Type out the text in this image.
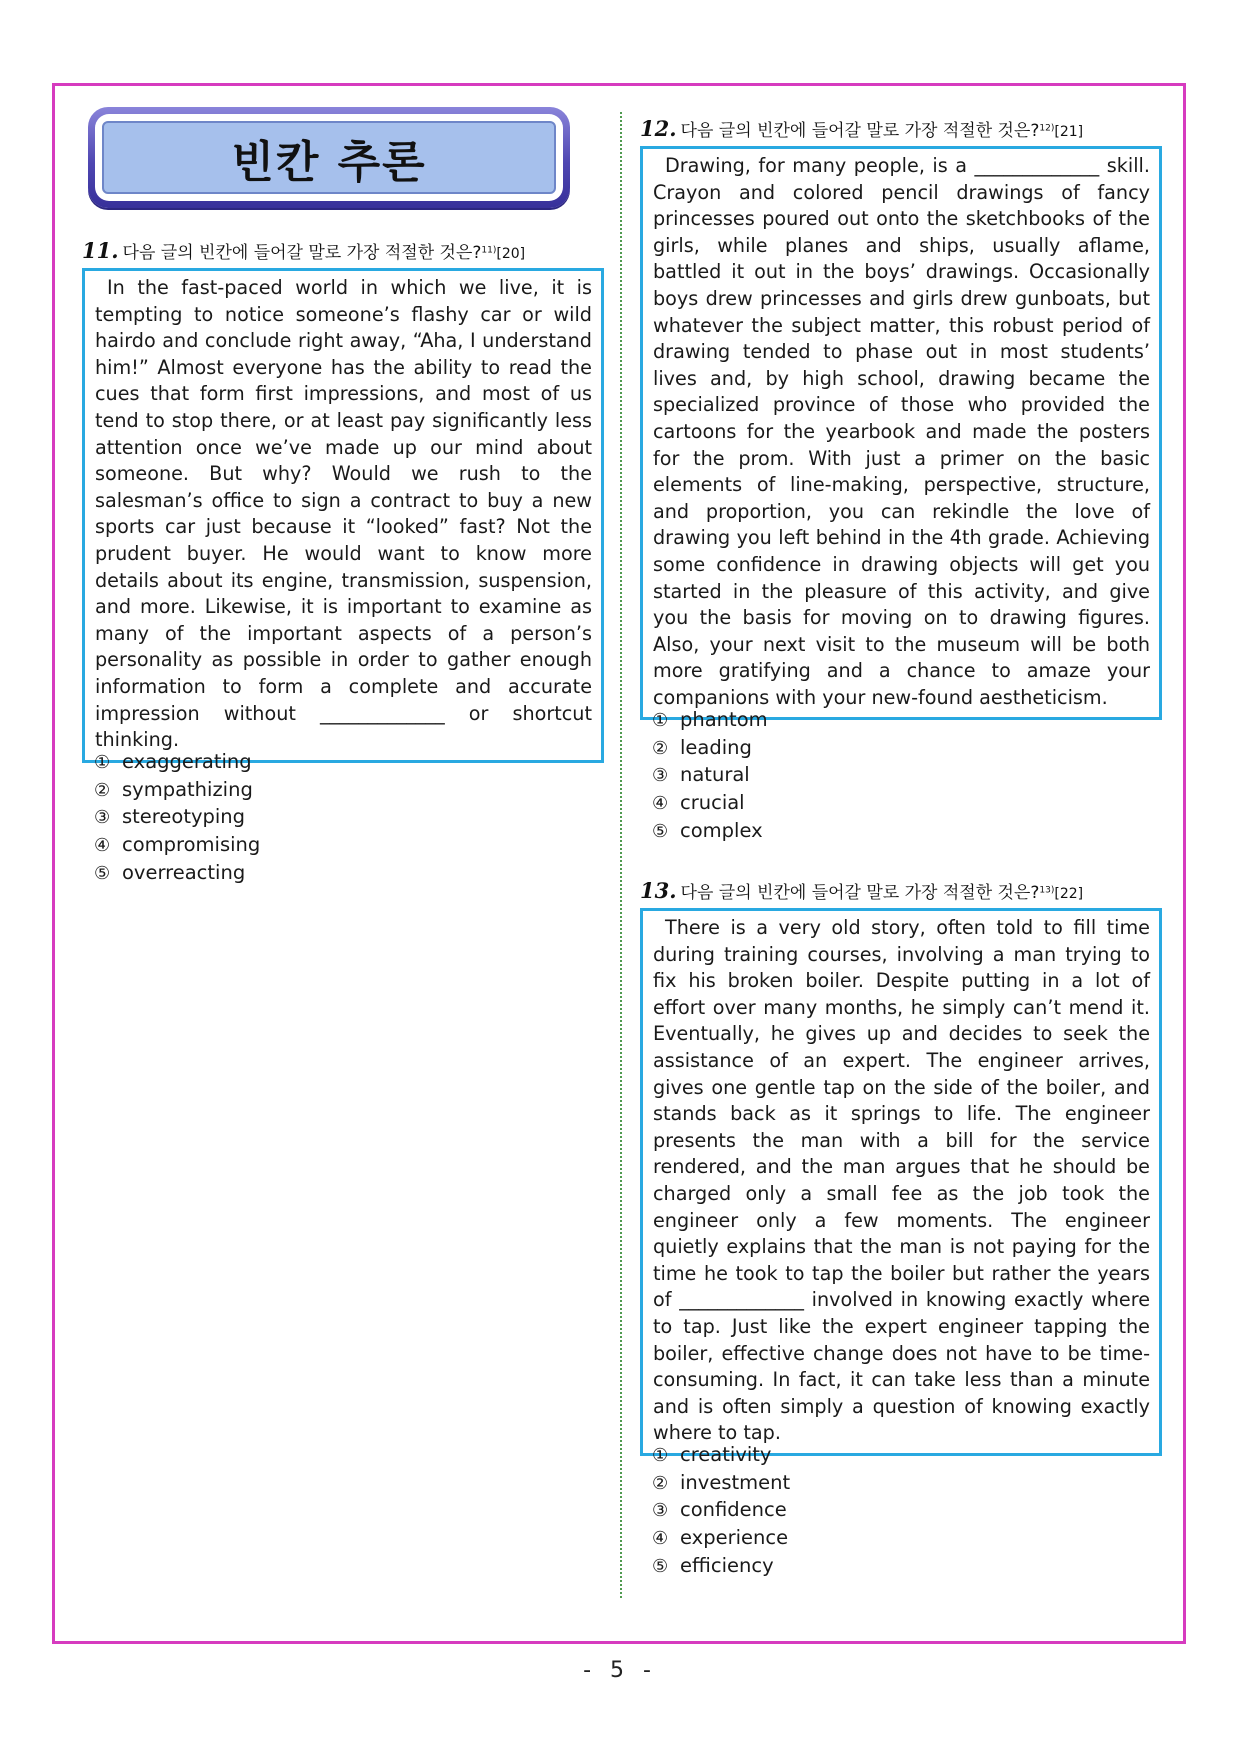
빈칸 추론
11. 다음 글의 빈칸에 들어갈 말로 가장 적절한 것은?$^{11)}$[20]
In the fast-paced world in which we live, it is tempting to notice someone’s flashy car or wild hairdo and conclude right away, “Aha, I understand him!” Almost everyone has the ability to read the cues that form first impressions, and most of us tend to stop there, or at least pay significantly less attention once we’ve made up our mind about someone. But why? Would we rush to the salesman’s office to sign a contract to buy a new sports car just because it “looked” fast? Not the prudent buyer. He would want to know more details about its engine, transmission, suspension, and more. Likewise, it is important to examine as many of the important aspects of a person’s personality as possible in order to gather enough information to form a complete and accurate impression without _____________ or shortcut thinking.
① exaggerating
② sympathizing
③ stereotyping
④ compromising
⑤ overreacting
12. 다음 글의 빈칸에 들어갈 말로 가장 적절한 것은?$^{12)}$[21]
Drawing, for many people, is a _____________ skill. Crayon and colored pencil drawings of fancy princesses poured out onto the sketchbooks of the girls, while planes and ships, usually aflame, battled it out in the boys’ drawings. Occasionally boys drew princesses and girls drew gunboats, but whatever the subject matter, this robust period of drawing tended to phase out in most students’ lives and, by high school, drawing became the specialized province of those who provided the cartoons for the yearbook and made the posters for the prom. With just a primer on the basic elements of line-making, perspective, structure, and proportion, you can rekindle the love of drawing you left behind in the 4th grade. Achieving some confidence in drawing objects will get you started in the pleasure of this activity, and give you the basis for moving on to drawing figures. Also, your next visit to the museum will be both more gratifying and a chance to amaze your companions with your new-found aestheticism.
① phantom
② leading
③ natural
④ crucial
⑤ complex
13. 다음 글의 빈칸에 들어갈 말로 가장 적절한 것은?$^{13)}$[22]
There is a very old story, often told to fill time during training courses, involving a man trying to fix his broken boiler. Despite putting in a lot of effort over many months, he simply can’t mend it. Eventually, he gives up and decides to seek the assistance of an expert. The engineer arrives, gives one gentle tap on the side of the boiler, and stands back as it springs to life. The engineer presents the man with a bill for the service rendered, and the man argues that he should be charged only a small fee as the job took the engineer only a few moments. The engineer quietly explains that the man is not paying for the time he took to tap the boiler but rather the years of _____________ involved in knowing exactly where to tap. Just like the expert engineer tapping the boiler, effective change does not have to be time-consuming. In fact, it can take less than a minute and is often simply a question of knowing exactly where to tap.
① creativity
② investment
③ confidence
④ experience
⑤ efficiency
- 5 -
